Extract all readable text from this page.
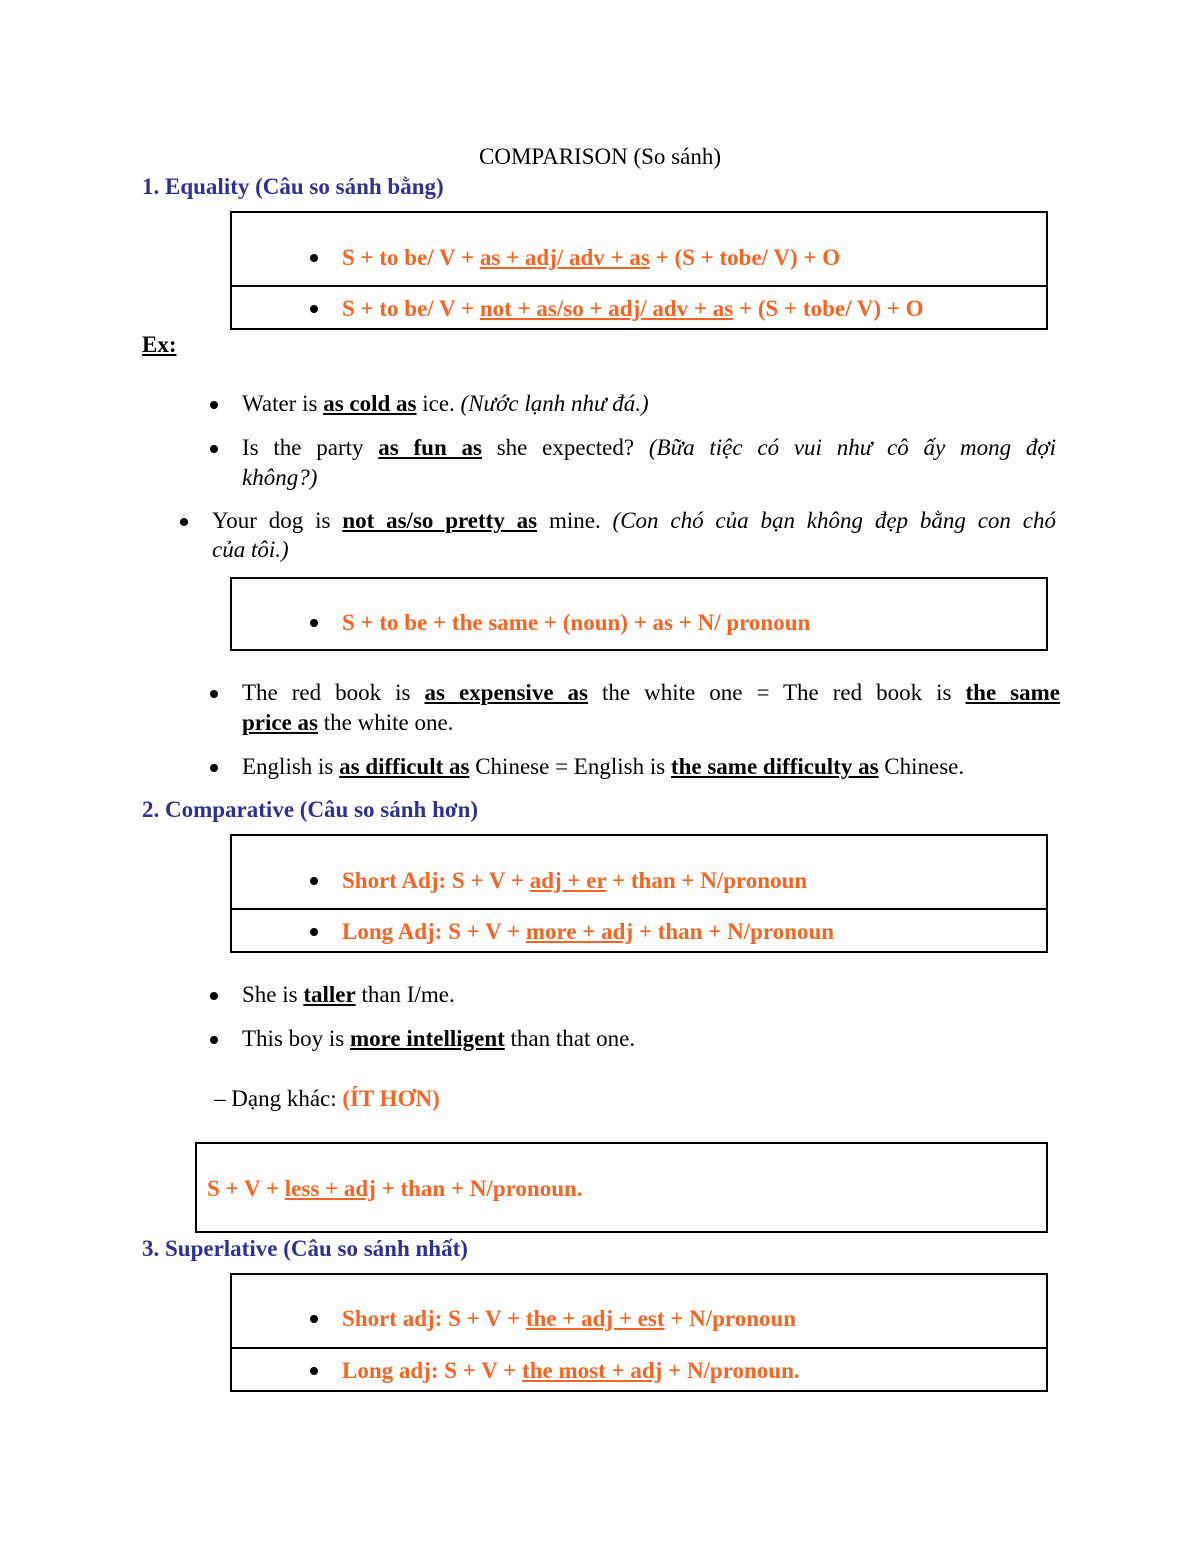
COMPARISON (So sánh)
1. Equality (Câu so sánh bằng)
S + to be/ V + as + adj/ adv + as + (S + tobe/ V) + O
S + to be/ V + not + as/so + adj/ adv + as + (S + tobe/ V) + O
Ex:
Water is as cold as ice. (Nước lạnh như đá.)
Is the party as fun as she expected? (Bữa tiệc có vui như cô ấy mong đợi
không?)
Your dog is not as/so pretty as mine. (Con chó của bạn không đẹp bằng con chó
của tôi.)
S + to be + the same + (noun) + as + N/ pronoun
The red book is as expensive as the white one = The red book is the same
price as the white one.
English is as difficult as Chinese = English is the same difficulty as Chinese.
2. Comparative (Câu so sánh hơn)
Short Adj: S + V + adj + er + than + N/pronoun
Long Adj: S + V + more + adj + than + N/pronoun
She is taller than I/me.
This boy is more intelligent than that one.
– Dạng khác: (ÍT HƠN)
S + V + less + adj + than + N/pronoun.
3. Superlative (Câu so sánh nhất)
Short adj: S + V + the + adj + est + N/pronoun
Long adj: S + V + the most + adj + N/pronoun.
